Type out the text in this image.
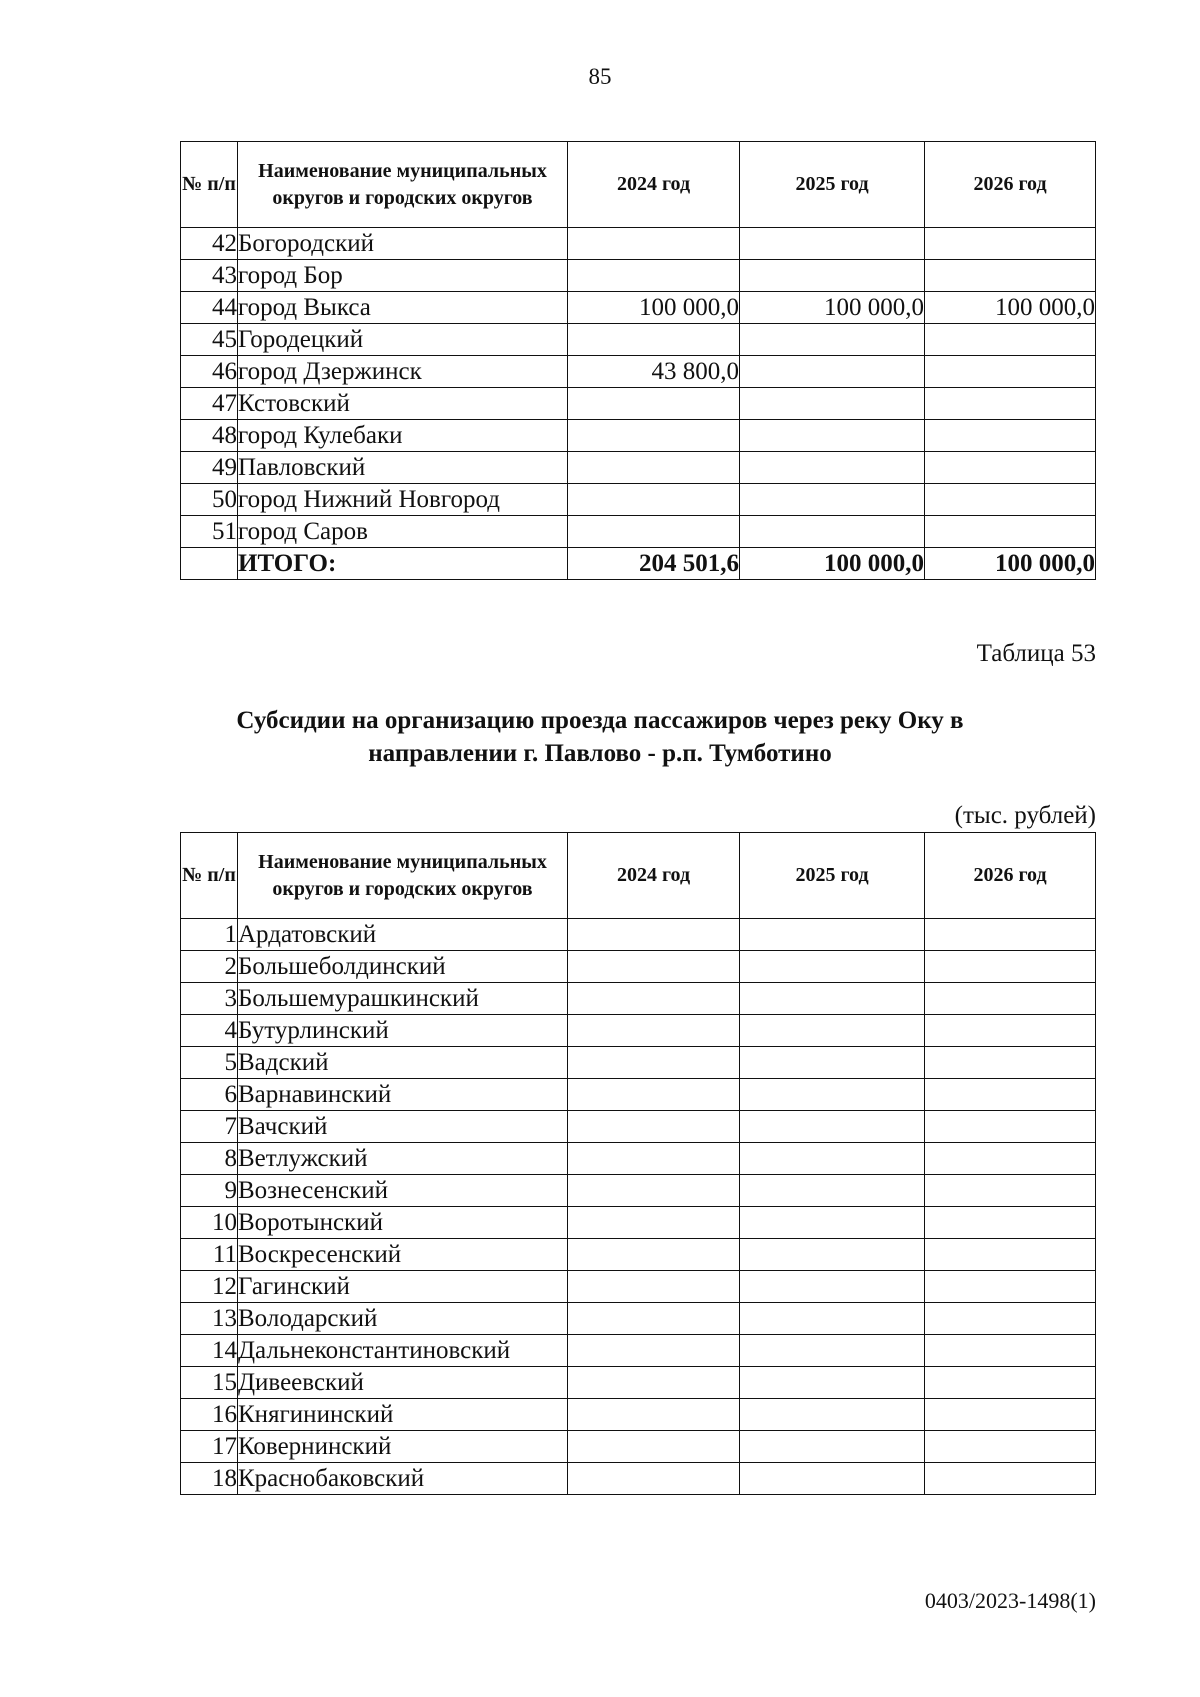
85
№ п/п	Наименование муниципальных округов и городских округов	2024 год	2025 год	2026 год
42	Богородский			
43	город Бор			
44	город Выкса	100 000,0	100 000,0	100 000,0
45	Городецкий			
46	город Дзержинск	43 800,0		
47	Кстовский			
48	город Кулебаки			
49	Павловский			
50	город Нижний Новгород			
51	город Саров			
	ИТОГО:	204 501,6	100 000,0	100 000,0
Таблица 53
Субсидии на организацию проезда пассажиров через реку Оку в
направлении г. Павлово - р.п. Тумботино
(тыс. рублей)
№ п/п	Наименование муниципальных округов и городских округов	2024 год	2025 год	2026 год
1	Ардатовский			
2	Большеболдинский			
3	Большемурашкинский			
4	Бутурлинский			
5	Вадский			
6	Варнавинский			
7	Вачский			
8	Ветлужский			
9	Вознесенский			
10	Воротынский			
11	Воскресенский			
12	Гагинский			
13	Володарский			
14	Дальнеконстантиновский			
15	Дивеевский			
16	Княгининский			
17	Ковернинский			
18	Краснобаковский			
0403/2023-1498(1)
